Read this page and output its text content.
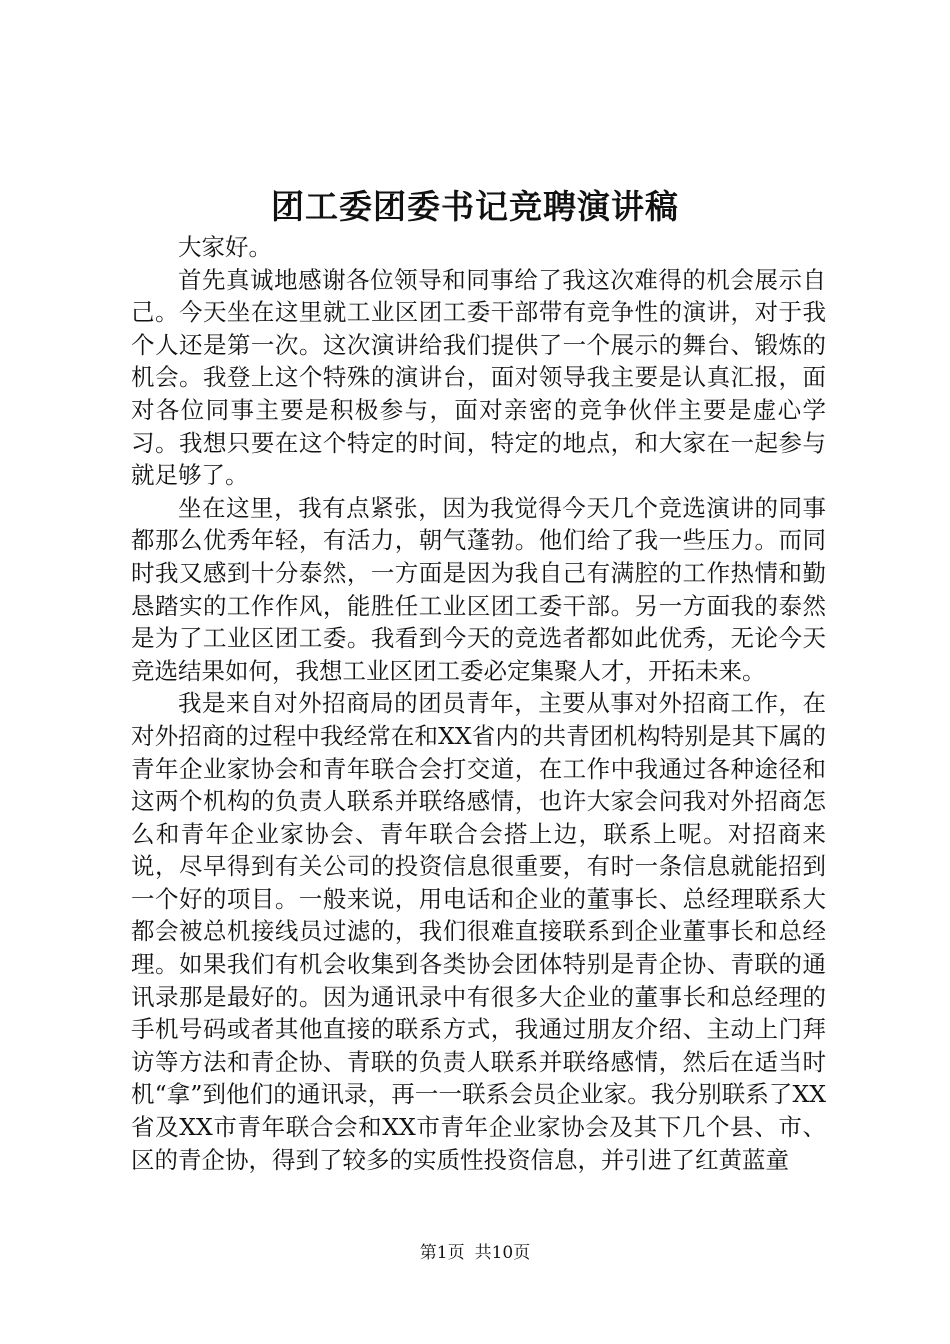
团工委团委书记竞聘演讲稿

大家好。

首先真诚地感谢各位领导和同事给了我这次难得的机会展示自己。今天坐在这里就工业区团工委干部带有竞争性的演讲，对于我个人还是第一次。这次演讲给我们提供了一个展示的舞台、锻炼的机会。我登上这个特殊的演讲台，面对领导我主要是认真汇报，面对各位同事主要是积极参与，面对亲密的竞争伙伴主要是虚心学习。我想只要在这个特定的时间，特定的地点，和大家在一起参与就足够了。

坐在这里，我有点紧张，因为我觉得今天几个竞选演讲的同事都那么优秀年轻，有活力，朝气蓬勃。他们给了我一些压力。而同时我又感到十分泰然，一方面是因为我自己有满腔的工作热情和勤恳踏实的工作作风，能胜任工业区团工委干部。另一方面我的泰然是为了工业区团工委。我看到今天的竞选者都如此优秀，无论今天竞选结果如何，我想工业区团工委必定集聚人才，开拓未来。

我是来自对外招商局的团员青年，主要从事对外招商工作，在对外招商的过程中我经常在和XX省内的共青团机构特别是其下属的青年企业家协会和青年联合会打交道，在工作中我通过各种途径和这两个机构的负责人联系并联络感情，也许大家会问我对外招商怎么和青年企业家协会、青年联合会搭上边，联系上呢。对招商来说，尽早得到有关公司的投资信息很重要，有时一条信息就能招到一个好的项目。一般来说，用电话和企业的董事长、总经理联系大都会被总机接线员过滤的，我们很难直接联系到企业董事长和总经理。如果我们有机会收集到各类协会团体特别是青企协、青联的通讯录那是最好的。因为通讯录中有很多大企业的董事长和总经理的手机号码或者其他直接的联系方式，我通过朋友介绍、主动上门拜访等方法和青企协、青联的负责人联系并联络感情，然后在适当时机“拿”到他们的通讯录，再一一联系会员企业家。我分别联系了XX省及XX市青年联合会和XX市青年企业家协会及其下几个县、市、区的青企协，得到了较多的实质性投资信息，并引进了红黄蓝童

第1页 共10页
